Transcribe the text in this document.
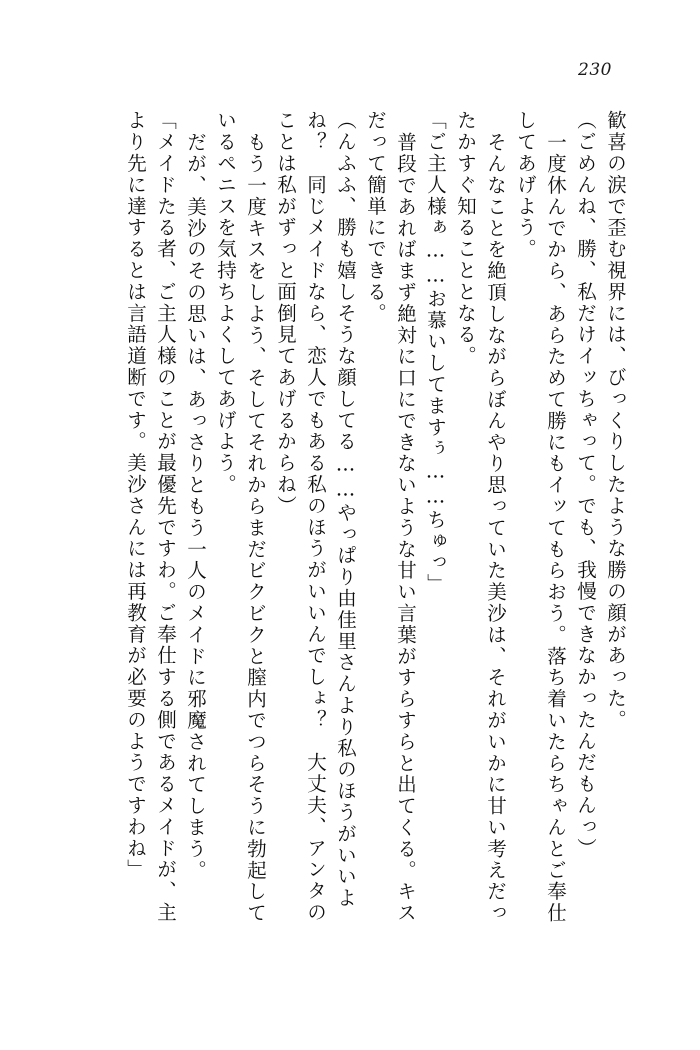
230
歓喜の涙で歪む視界には、びっくりしたような勝の顔があった。
（ごめんね、勝、私だけイッちゃって。でも、我慢できなかったんだもんっ）
一度休んでから、あらためて勝にもイッてもらおう。落ち着いたらちゃんとご奉仕
してあげよう。
そんなことを絶頂しながらぼんやり思っていた美沙は、それがいかに甘い考えだっ
たかすぐ知ることとなる。
「ご主人様ぁ……お慕いしてますぅ……ちゅっ」
普段であればまず絶対に口にできないような甘い言葉がすらすらと出てくる。キス
だって簡単にできる。
（んふふ、勝も嬉しそうな顔してる……やっぱり由佳里さんより私のほうがいいよ
ね？　同じメイドなら、恋人でもある私のほうがいいんでしょ？　大丈夫、アンタの
ことは私がずっと面倒見てあげるからね）
もう一度キスをしよう、そしてそれからまだビクビクと膣内でつらそうに勃起して
いるペニスを気持ちよくしてあげよう。
だが、美沙のその思いは、あっさりともう一人のメイドに邪魔されてしまう。
「メイドたる者、ご主人様のことが最優先ですわ。ご奉仕する側であるメイドが、主
より先に達するとは言語道断です。美沙さんには再教育が必要のようですわね」
